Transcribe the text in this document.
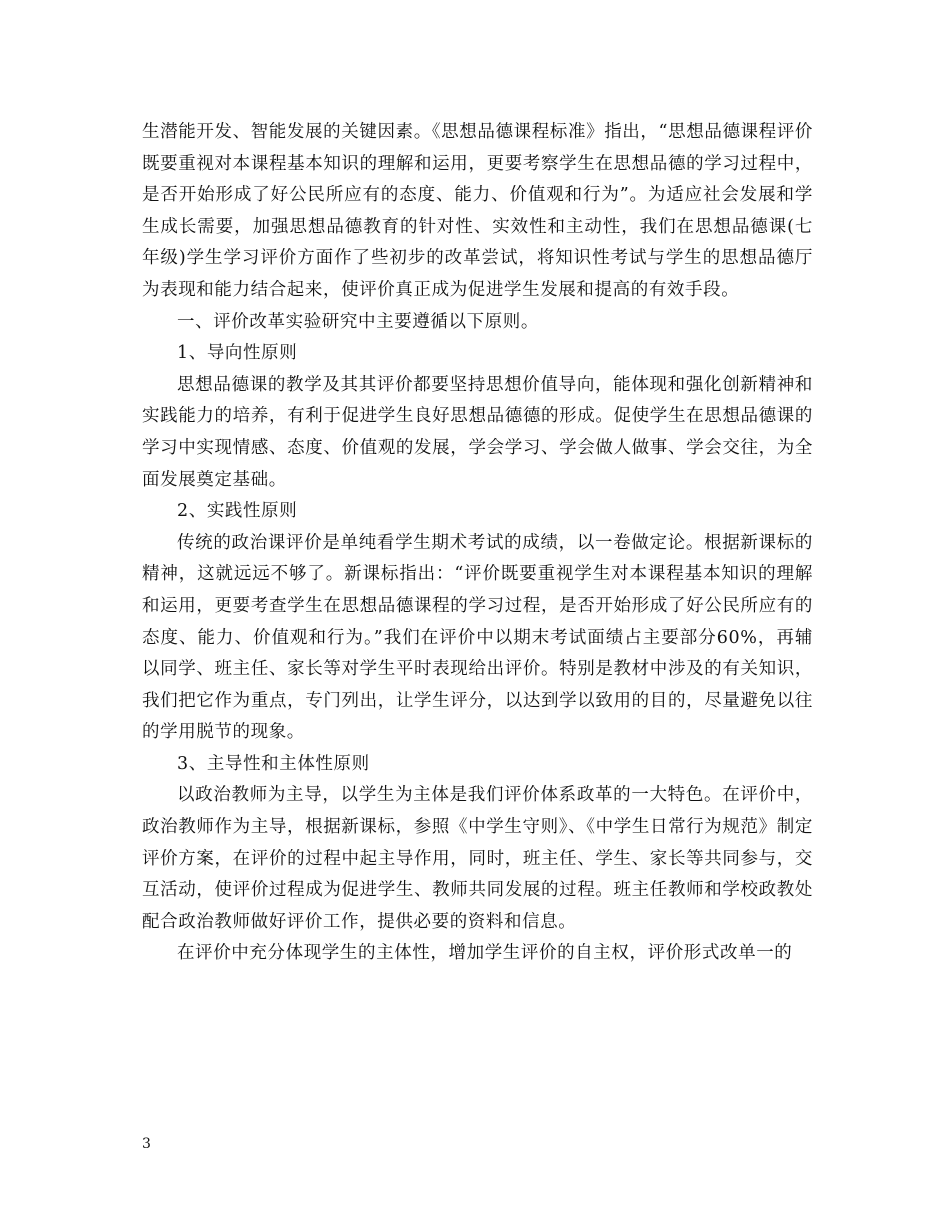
生潜能开发、智能发展的关键因素。《思想品德课程标准》指出，“思想品德课程评价既要重视对本课程基本知识的理解和运用，更要考察学生在思想品德的学习过程中，是否开始形成了好公民所应有的态度、能力、价值观和行为”。为适应社会发展和学生成长需要，加强思想品德教育的针对性、实效性和主动性，我们在思想品德课(七年级)学生学习评价方面作了些初步的改革尝试，将知识性考试与学生的思想品德厅为表现和能力结合起来，使评价真正成为促进学生发展和提高的有效手段。

一、评价改革实验研究中主要遵循以下原则。

1、导向性原则

思想品德课的教学及其其评价都要坚持思想价值导向，能体现和强化创新精神和实践能力的培养，有利于促进学生良好思想品德德的形成。促使学生在思想品德课的学习中实现情感、态度、价值观的发展，学会学习、学会做人做事、学会交往，为全面发展奠定基础。

2、实践性原则

传统的政治课评价是单纯看学生期术考试的成绩，以一卷做定论。根据新课标的精神，这就远远不够了。新课标指出：“评价既要重视学生对本课程基本知识的理解和运用，更要考查学生在思想品德课程的学习过程，是否开始形成了好公民所应有的态度、能力、价值观和行为。”我们在评价中以期末考试面绩占主要部分60%，再辅以同学、班主任、家长等对学生平时表现给出评价。特别是教材中涉及的有关知识，我们把它作为重点，专门列出，让学生评分，以达到学以致用的目的，尽量避免以往的学用脱节的现象。

3、主导性和主体性原则

以政治教师为主导，以学生为主体是我们评价体系政革的一大特色。在评价中，政治教师作为主导，根据新课标，参照《中学生守则》、《中学生日常行为规范》制定评价方案，在评价的过程中起主导作用，同时，班主任、学生、家长等共同参与，交互活动，使评价过程成为促进学生、教师共同发展的过程。班主任教师和学校政教处配合政治教师做好评价工作，提供必要的资料和信息。

在评价中充分体现学生的主体性，增加学生评价的自主权，评价形式改单一的

3
